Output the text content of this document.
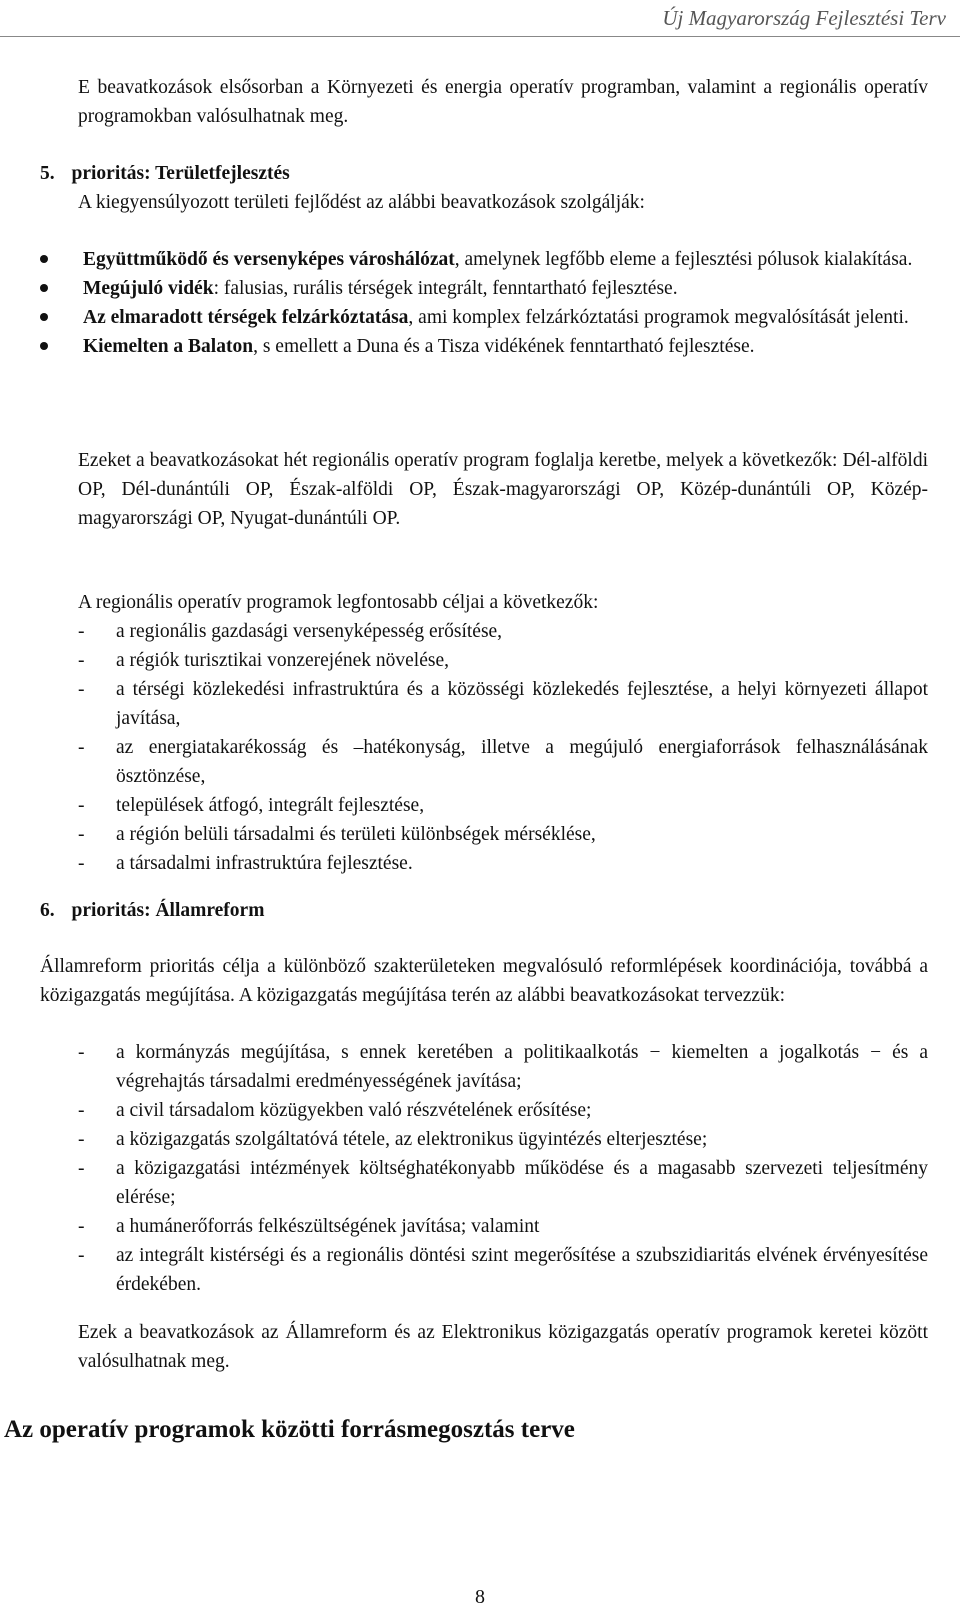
Új Magyarország Fejlesztési Terv
E beavatkozások elsősorban a Környezeti és energia operatív programban, valamint a regionális operatív programokban valósulhatnak meg.
5. prioritás: Területfejlesztés
A kiegyensúlyozott területi fejlődést az alábbi beavatkozások szolgálják:
Együttműködő és versenyképes városhálózat, amelynek legfőbb eleme a fejlesztési pólusok kialakítása.
Megújuló vidék: falusias, rurális térségek integrált, fenntartható fejlesztése.
Az elmaradott térségek felzárkóztatása, ami komplex felzárkóztatási programok megvalósítását jelenti.
Kiemelten a Balaton, s emellett a Duna és a Tisza vidékének fenntartható fejlesztése.
Ezeket a beavatkozásokat hét regionális operatív program foglalja keretbe, melyek a következők: Dél-alföldi OP, Dél-dunántúli OP, Észak-alföldi OP, Észak-magyarországi OP, Közép-dunántúli OP, Közép-magyarországi OP, Nyugat-dunántúli OP.
A regionális operatív programok legfontosabb céljai a következők:
- a regionális gazdasági versenyképesség erősítése,
- a régiók turisztikai vonzerejének növelése,
- a térségi közlekedési infrastruktúra és a közösségi közlekedés fejlesztése, a helyi környezeti állapot javítása,
- az energiatakarékosság és –hatékonyság, illetve a megújuló energiaforrások felhasználásának ösztönzése,
- települések átfogó, integrált fejlesztése,
- a régión belüli társadalmi és területi különbségek mérséklése,
- a társadalmi infrastruktúra fejlesztése.
6. prioritás: Államreform
Államreform prioritás célja a különböző szakterületeken megvalósuló reformlépések koordinációja, továbbá a közigazgatás megújítása. A közigazgatás megújítása terén az alábbi beavatkozásokat tervezzük:
- a kormányzás megújítása, s ennek keretében a politikaalkotás − kiemelten a jogalkotás − és a végrehajtás társadalmi eredményességének javítása;
- a civil társadalom közügyekben való részvételének erősítése;
- a közigazgatás szolgáltatóvá tétele, az elektronikus ügyintézés elterjesztése;
- a közigazgatási intézmények költséghatékonyabb működése és a magasabb szervezeti teljesítmény elérése;
- a humánerőforrás felkészültségének javítása; valamint
- az integrált kistérségi és a regionális döntési szint megerősítése a szubszidiaritás elvének érvényesítése érdekében.
Ezek a beavatkozások az Államreform és az Elektronikus közigazgatás operatív programok keretei között valósulhatnak meg.
Az operatív programok közötti forrásmegosztás terve
8
